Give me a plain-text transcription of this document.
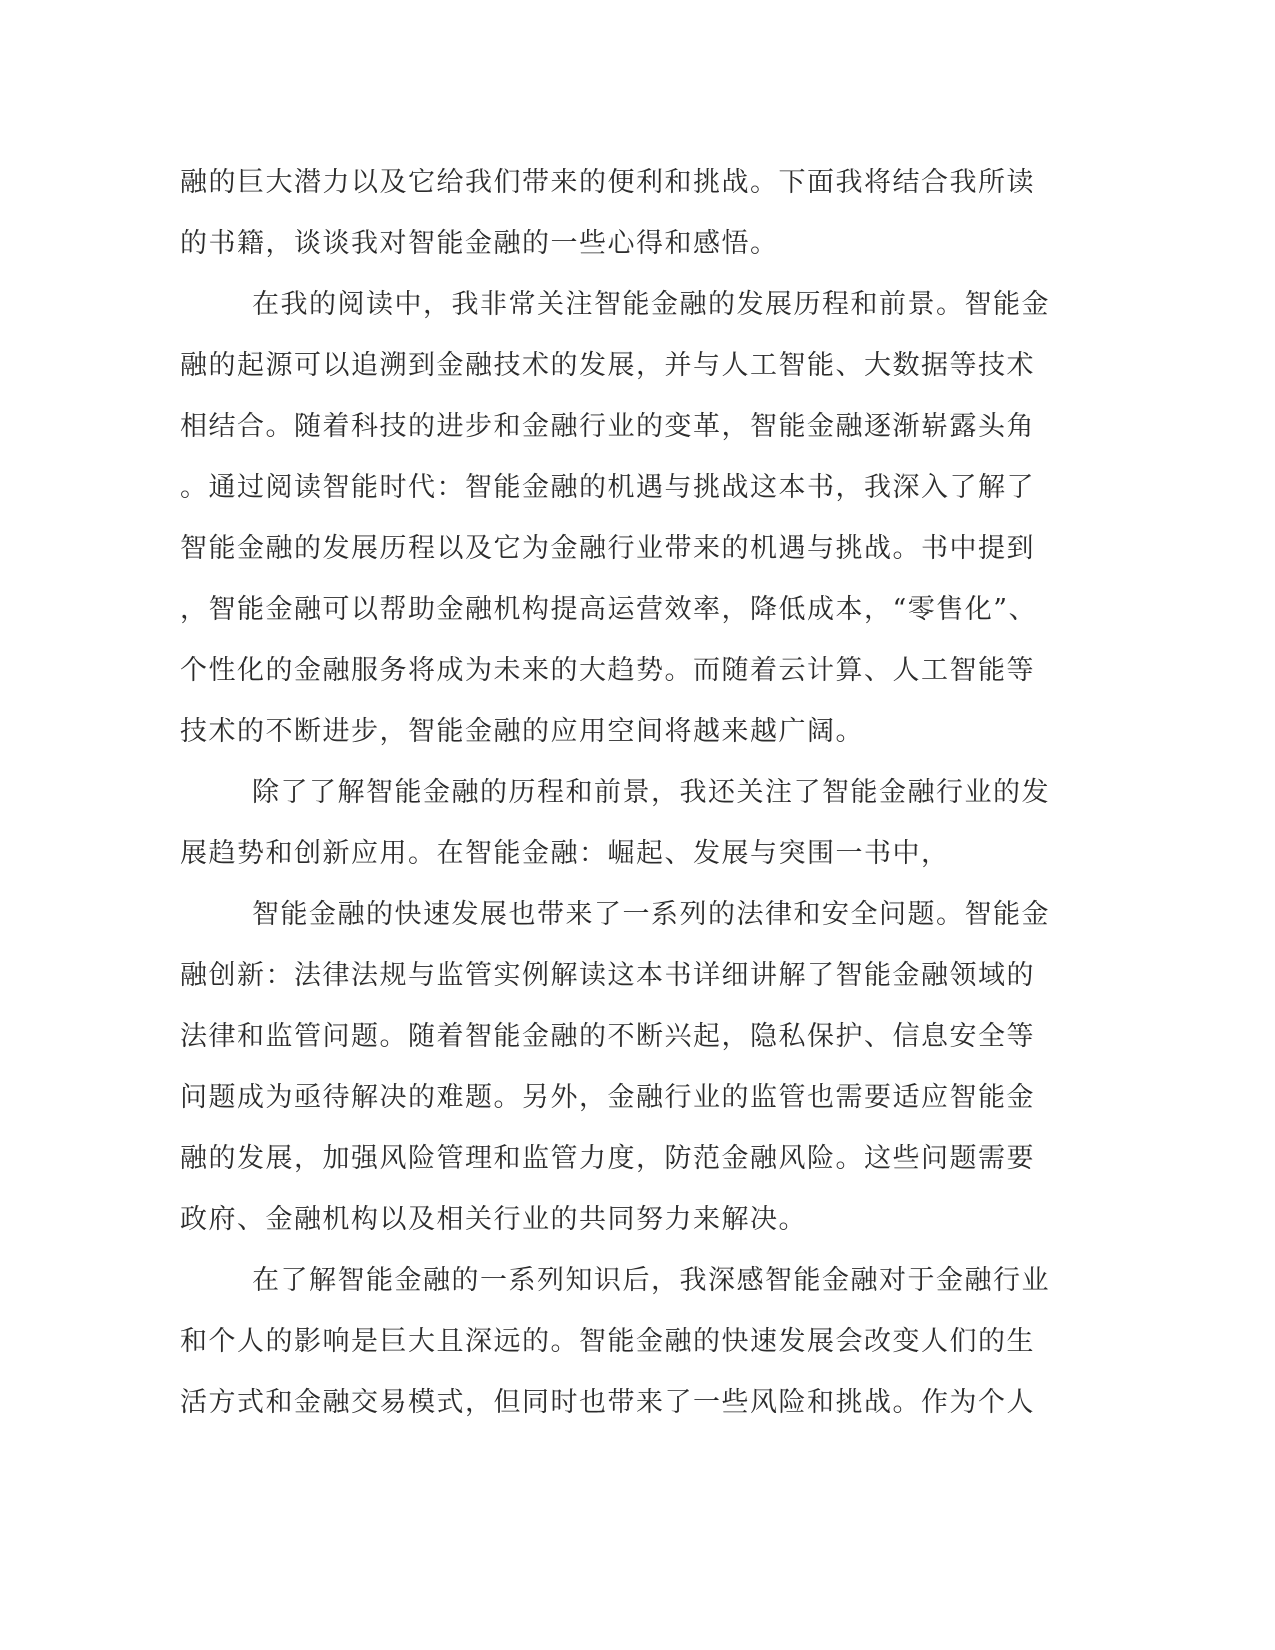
融的巨大潜力以及它给我们带来的便利和挑战。下面我将结合我所读
的书籍，谈谈我对智能金融的一些心得和感悟。
在我的阅读中，我非常关注智能金融的发展历程和前景。智能金
融的起源可以追溯到金融技术的发展，并与人工智能、大数据等技术
相结合。随着科技的进步和金融行业的变革，智能金融逐渐崭露头角
。通过阅读智能时代：智能金融的机遇与挑战这本书，我深入了解了
智能金融的发展历程以及它为金融行业带来的机遇与挑战。书中提到
，智能金融可以帮助金融机构提高运营效率，降低成本，“零售化”、
个性化的金融服务将成为未来的大趋势。而随着云计算、人工智能等
技术的不断进步，智能金融的应用空间将越来越广阔。
除了了解智能金融的历程和前景，我还关注了智能金融行业的发
展趋势和创新应用。在智能金融：崛起、发展与突围一书中，
智能金融的快速发展也带来了一系列的法律和安全问题。智能金
融创新：法律法规与监管实例解读这本书详细讲解了智能金融领域的
法律和监管问题。随着智能金融的不断兴起，隐私保护、信息安全等
问题成为亟待解决的难题。另外，金融行业的监管也需要适应智能金
融的发展，加强风险管理和监管力度，防范金融风险。这些问题需要
政府、金融机构以及相关行业的共同努力来解决。
在了解智能金融的一系列知识后，我深感智能金融对于金融行业
和个人的影响是巨大且深远的。智能金融的快速发展会改变人们的生
活方式和金融交易模式，但同时也带来了一些风险和挑战。作为个人
